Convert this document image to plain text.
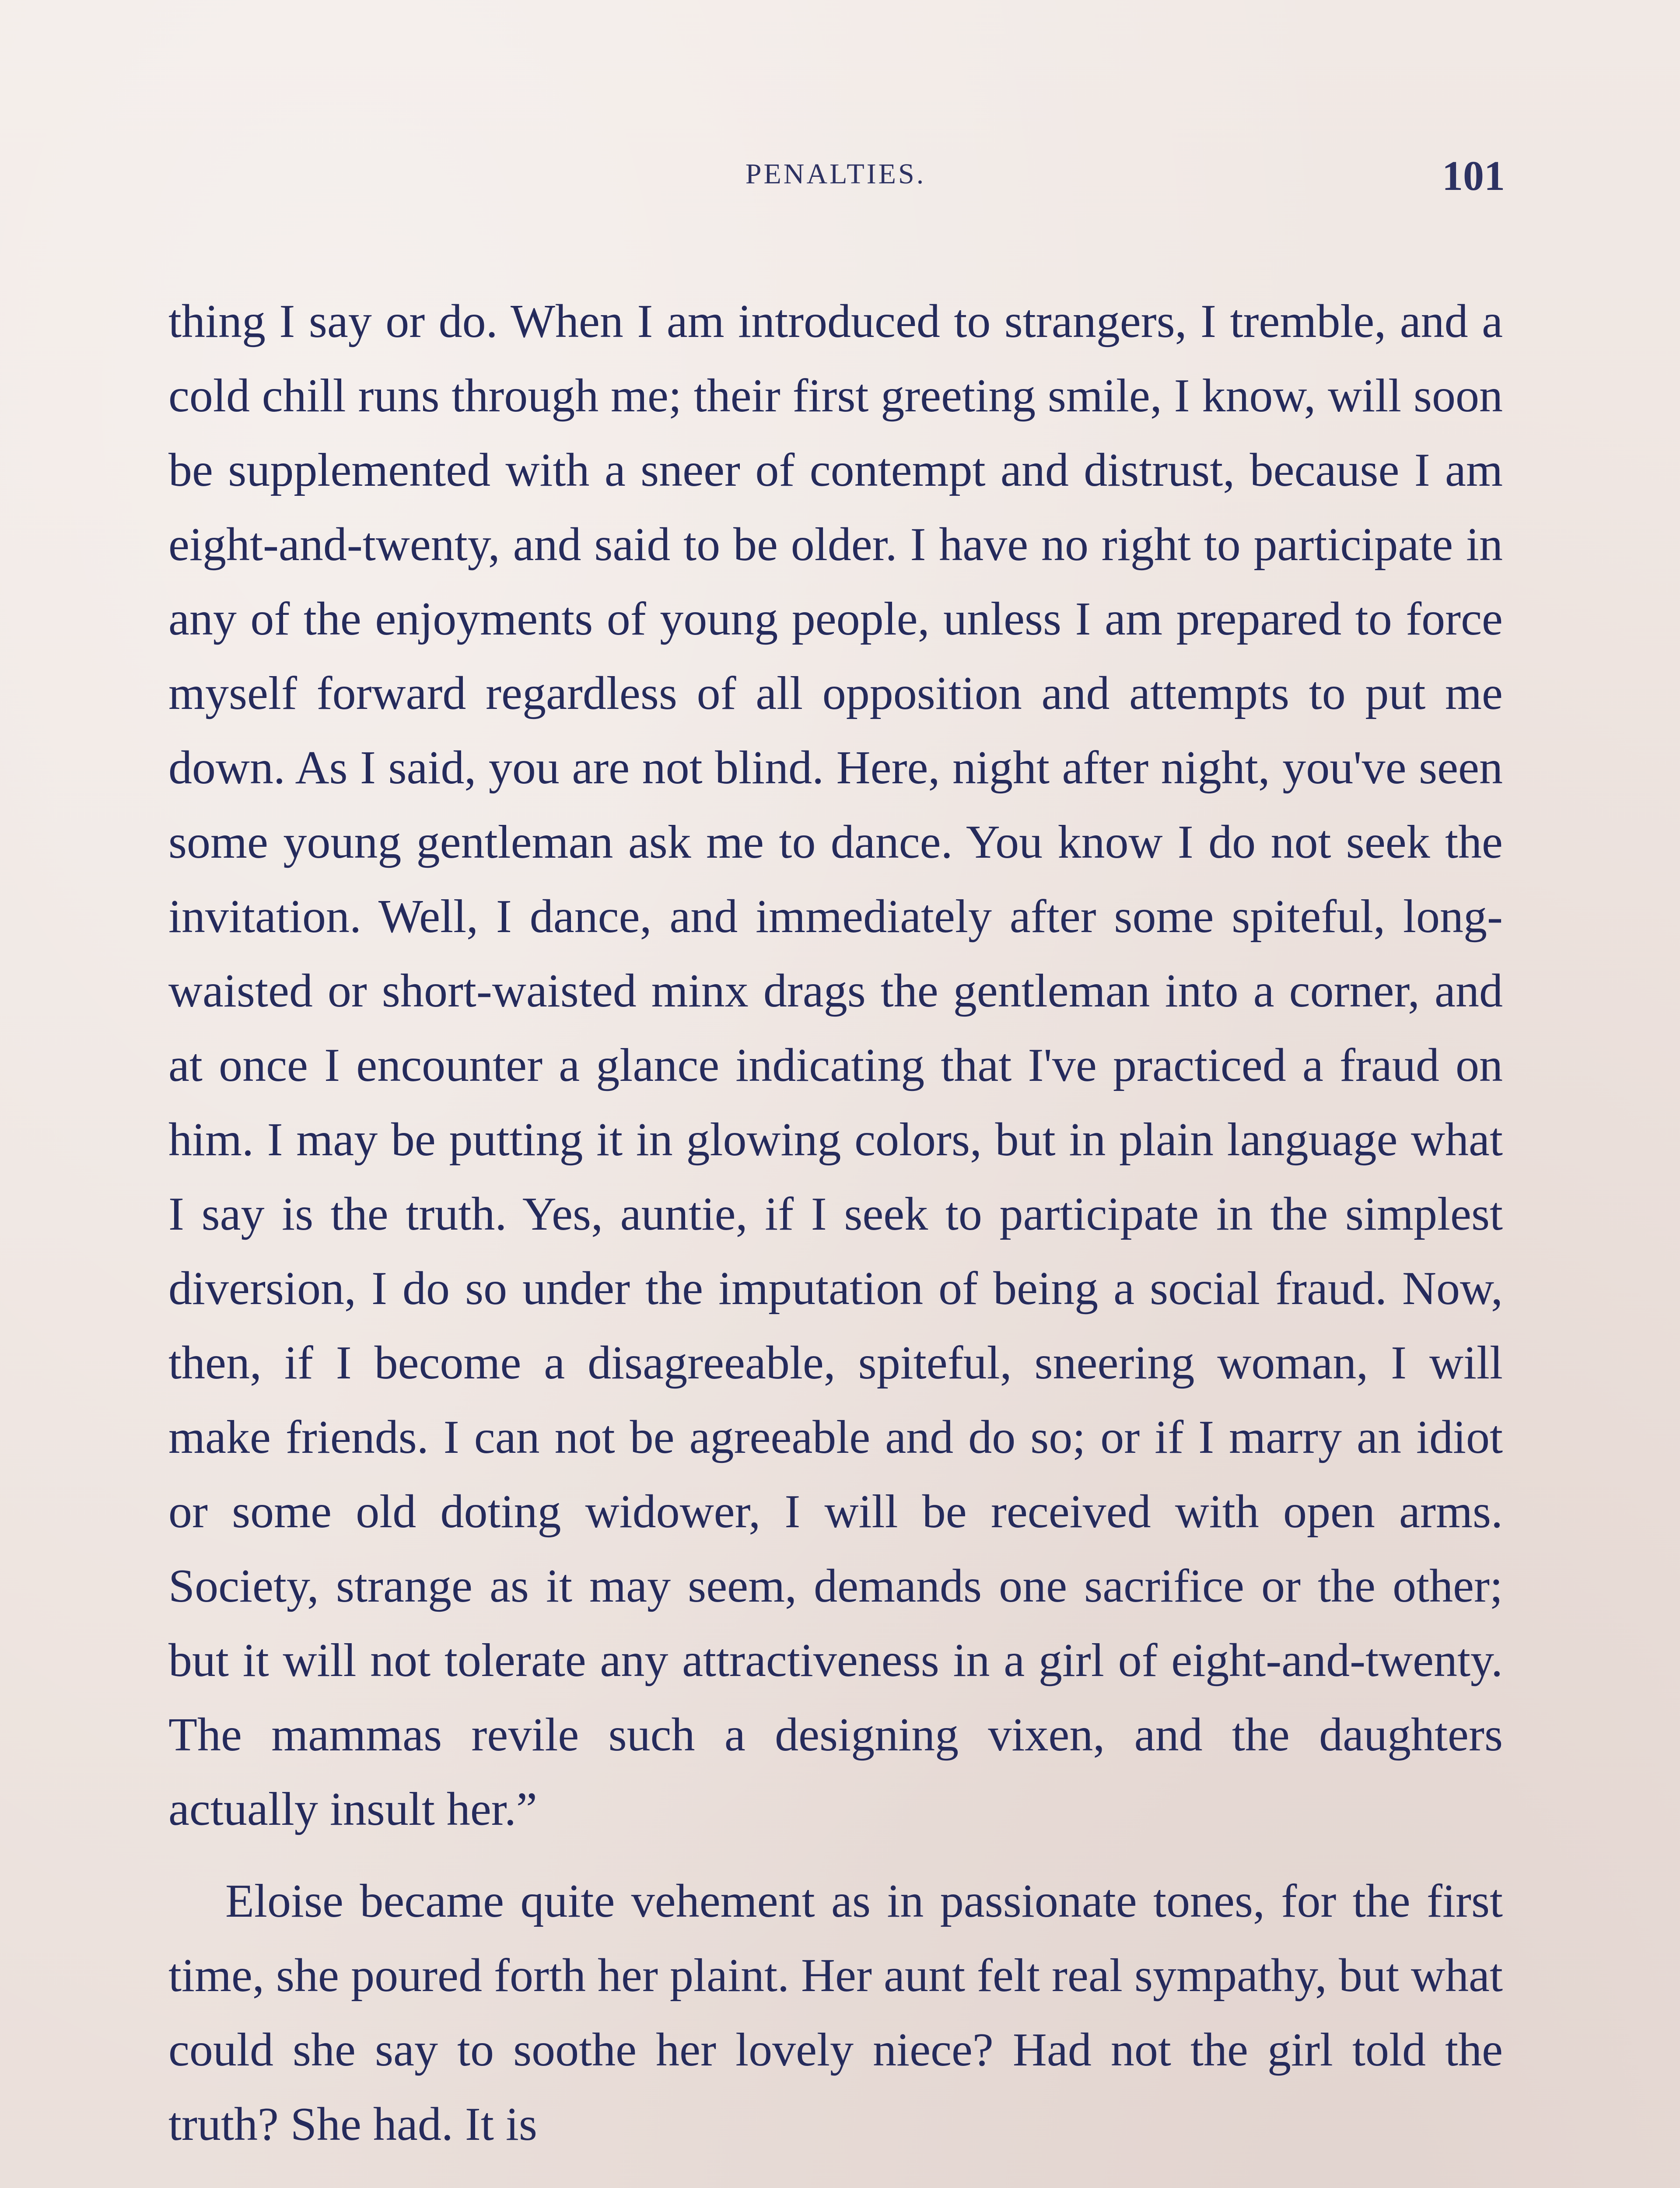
PENALTIES.	101

thing I say or do. When I am introduced to strangers, I tremble, and a cold chill runs through me; their first greeting smile, I know, will soon be supplemented with a sneer of contempt and distrust, because I am eight-and-twenty, and said to be older. I have no right to participate in any of the enjoyments of young people, unless I am prepared to force myself forward regardless of all opposition and attempts to put me down. As I said, you are not blind. Here, night after night, you've seen some young gentleman ask me to dance. You know I do not seek the invitation. Well, I dance, and immediately after some spiteful, long-waisted or short-waisted minx drags the gentleman into a corner, and at once I encounter a glance indicating that I've practiced a fraud on him. I may be putting it in glowing colors, but in plain language what I say is the truth. Yes, auntie, if I seek to participate in the simplest diversion, I do so under the imputation of being a social fraud. Now, then, if I become a disagreeable, spiteful, sneering woman, I will make friends. I can not be agreeable and do so; or if I marry an idiot or some old doting widower, I will be received with open arms. Society, strange as it may seem, demands one sacrifice or the other; but it will not tolerate any attractiveness in a girl of eight-and-twenty. The mammas revile such a designing vixen, and the daughters actually insult her.”

Eloise became quite vehement as in passionate tones, for the first time, she poured forth her plaint. Her aunt felt real sympathy, but what could she say to soothe her lovely niece? Had not the girl told the truth? She had. It is
